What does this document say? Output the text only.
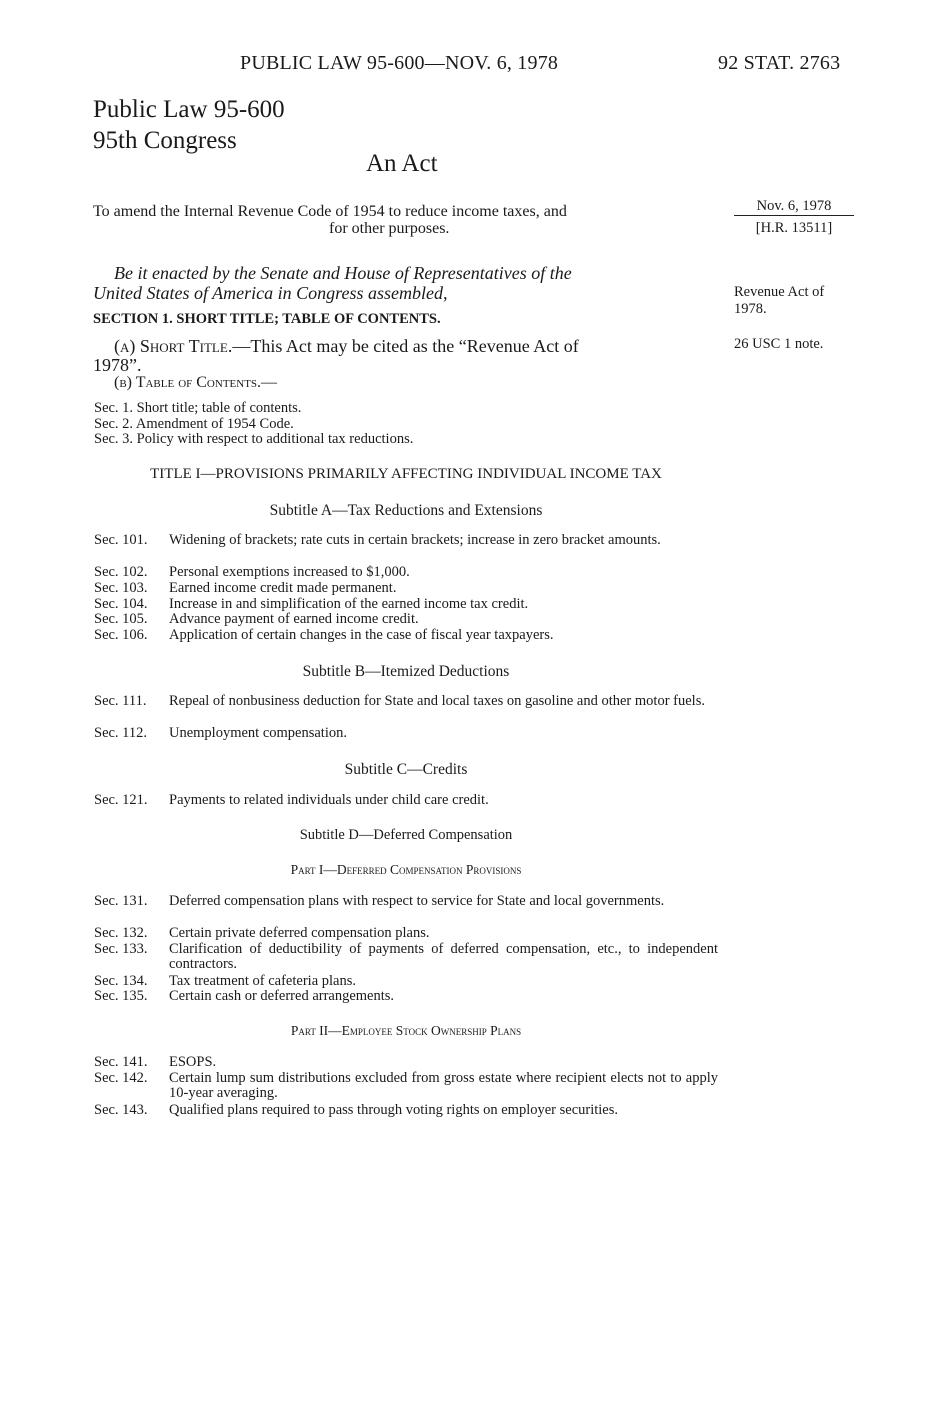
PUBLIC LAW 95-600—NOV. 6, 1978	92 STAT. 2763
Public Law 95-600
95th Congress
An Act
To amend the Internal Revenue Code of 1954 to reduce income taxes, and
for other purposes.
Nov. 6, 1978
[H.R. 13511]
Revenue Act of
1978.
26 USC 1 note.
Be it enacted by the Senate and House of Representatives of the
United States of America in Congress assembled,
SECTION 1. SHORT TITLE; TABLE OF CONTENTS.
(a) Short Title.—This Act may be cited as the “Revenue Act of
1978”.
(b) Table of Contents.—
Sec. 1. Short title; table of contents.
Sec. 2. Amendment of 1954 Code.
Sec. 3. Policy with respect to additional tax reductions.
TITLE I—PROVISIONS PRIMARILY AFFECTING INDIVIDUAL INCOME TAX
Subtitle A—Tax Reductions and Extensions
Sec. 101. Widening of brackets; rate cuts in certain brackets; increase in zero bracket amounts.
Sec. 102. Personal exemptions increased to $1,000.
Sec. 103. Earned income credit made permanent.
Sec. 104. Increase in and simplification of the earned income tax credit.
Sec. 105. Advance payment of earned income credit.
Sec. 106. Application of certain changes in the case of fiscal year taxpayers.
Subtitle B—Itemized Deductions
Sec. 111. Repeal of nonbusiness deduction for State and local taxes on gasoline and other motor fuels.
Sec. 112. Unemployment compensation.
Subtitle C—Credits
Sec. 121. Payments to related individuals under child care credit.
Subtitle D—Deferred Compensation
Part I—Deferred Compensation Provisions
Sec. 131. Deferred compensation plans with respect to service for State and local governments.
Sec. 132. Certain private deferred compensation plans.
Sec. 133. Clarification of deductibility of payments of deferred compensation, etc., to independent contractors.
Sec. 134. Tax treatment of cafeteria plans.
Sec. 135. Certain cash or deferred arrangements.
Part II—Employee Stock Ownership Plans
Sec. 141. ESOPS.
Sec. 142. Certain lump sum distributions excluded from gross estate where recipient elects not to apply 10-year averaging.
Sec. 143. Qualified plans required to pass through voting rights on employer securities.
